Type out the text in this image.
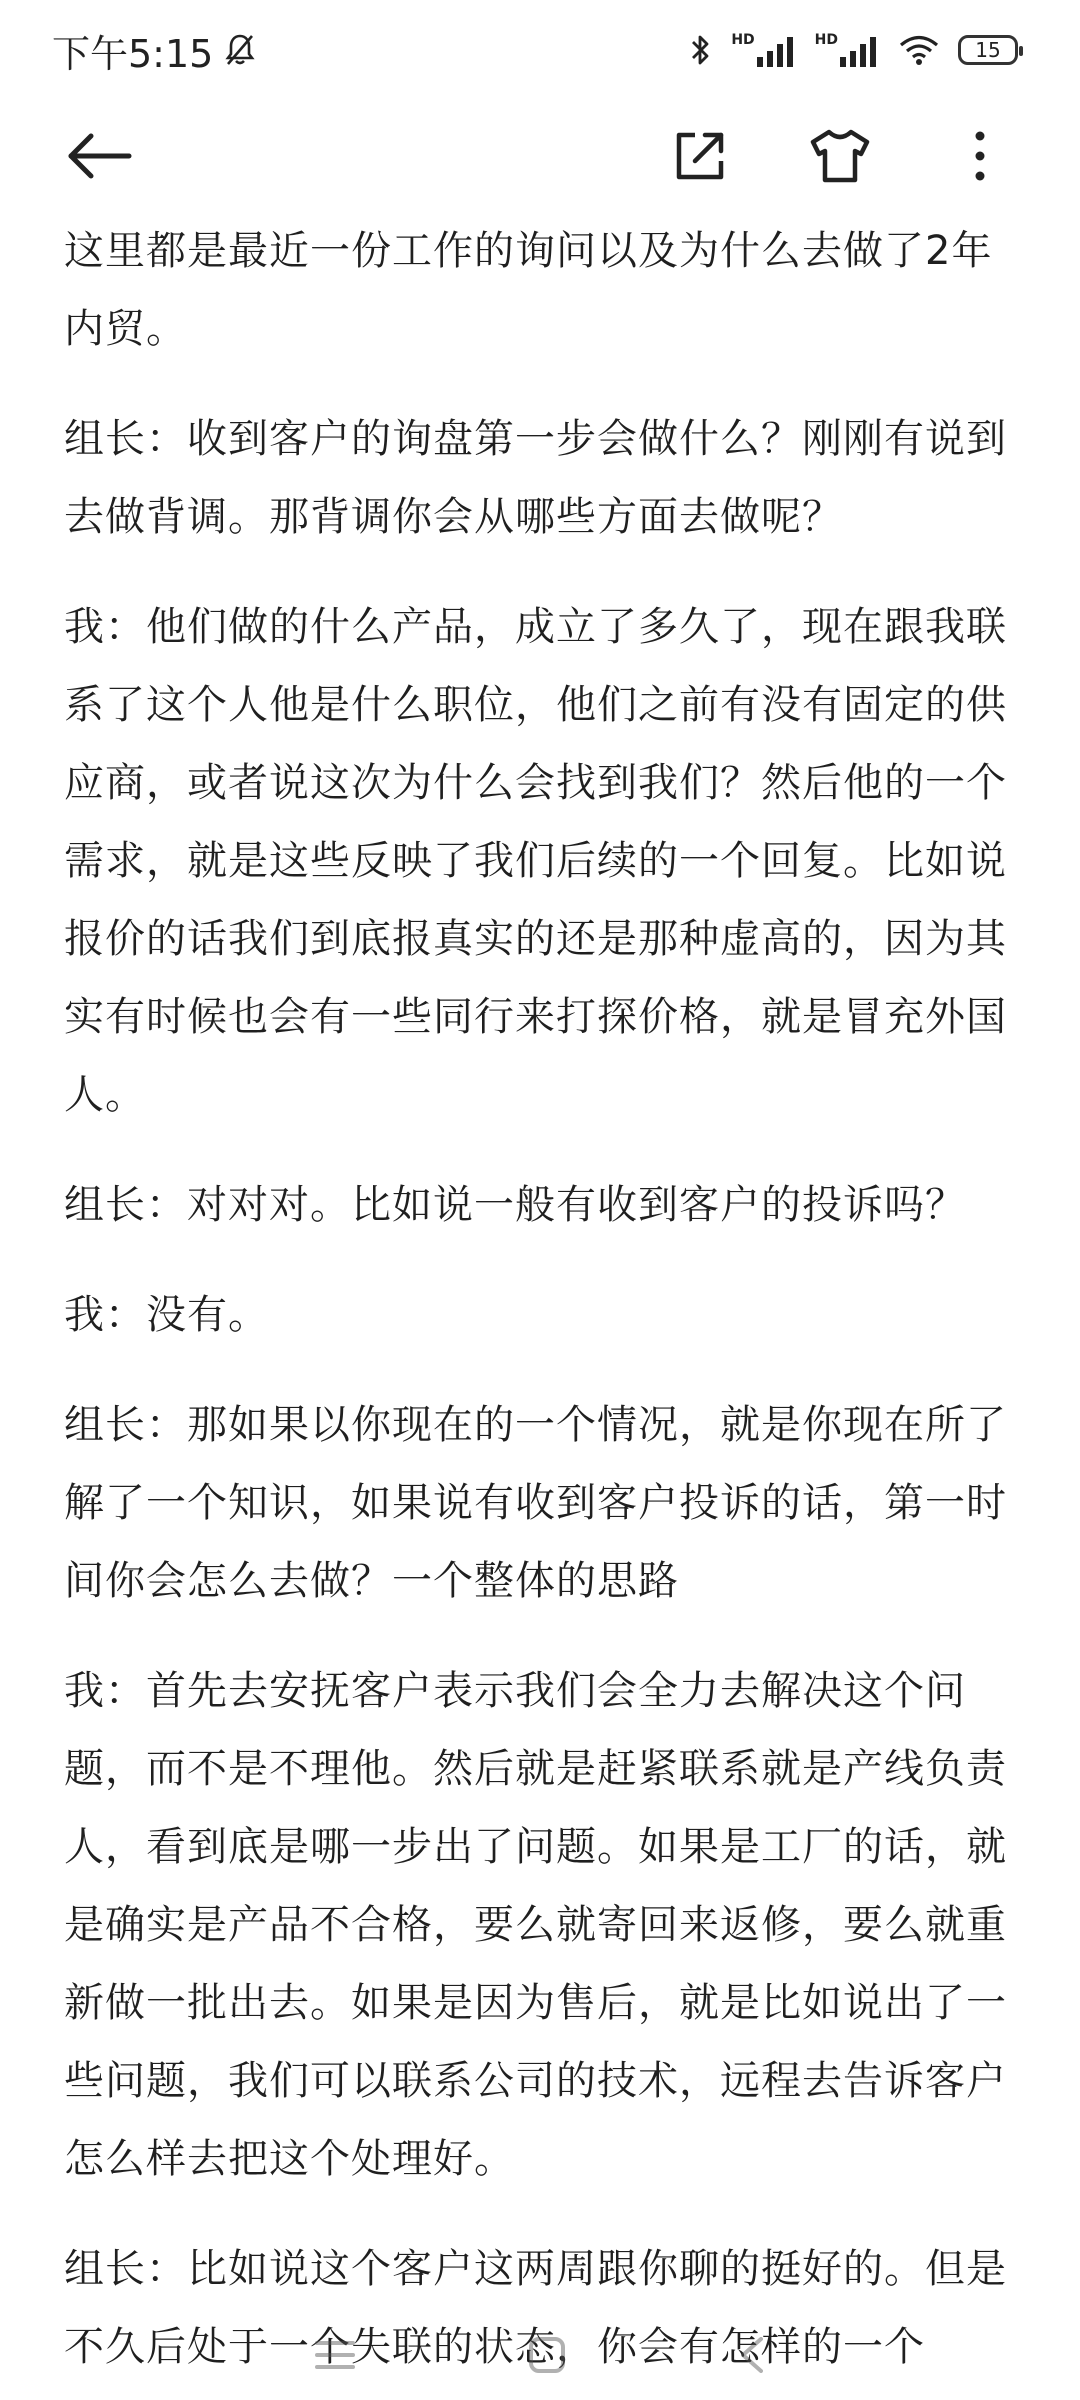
下午5:15	HD	HD	15

这里都是最近一份工作的询问以及为什么去做了2年内贸。

组长：收到客户的询盘第一步会做什么？刚刚有说到去做背调。那背调你会从哪些方面去做呢？

我：他们做的什么产品，成立了多久了，现在跟我联系了这个人他是什么职位，他们之前有没有固定的供应商，或者说这次为什么会找到我们？然后他的一个需求，就是这些反映了我们后续的一个回复。比如说报价的话我们到底报真实的还是那种虚高的，因为其实有时候也会有一些同行来打探价格，就是冒充外国人。

组长：对对对。比如说一般有收到客户的投诉吗？

我：没有。

组长：那如果以你现在的一个情况，就是你现在所了解了一个知识，如果说有收到客户投诉的话，第一时间你会怎么去做？一个整体的思路

我：首先去安抚客户表示我们会全力去解决这个问题，而不是不理他。然后就是赶紧联系就是产线负责人，看到底是哪一步出了问题。如果是工厂的话，就是确实是产品不合格，要么就寄回来返修，要么就重新做一批出去。如果是因为售后，就是比如说出了一些问题，我们可以联系公司的技术，远程去告诉客户怎么样去把这个处理好。

组长：比如说这个客户这两周跟你聊的挺好的。但是不久后处于一个失联的状态，你会有怎样的一个
